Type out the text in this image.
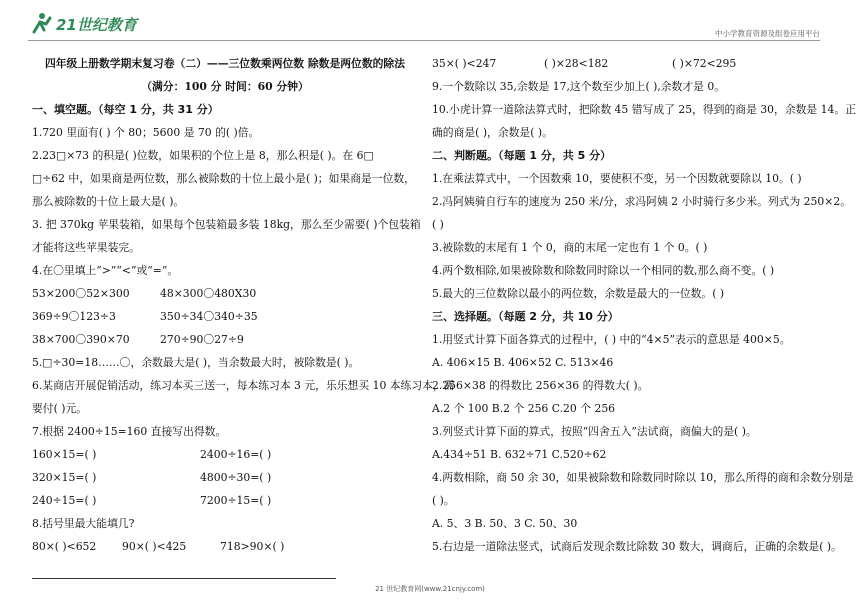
21世纪教育	中小学教育资源及组卷应用平台
四年级上册数学期末复习卷（二）——三位数乘两位数 除数是两位数的除法
（满分：100 分 时间：60 分钟）
一、填空题。（每空 1 分，共 31 分）
1.720 里面有( ) 个 80；5600 是 70 的( )倍。
2.23□×73 的积是( )位数，如果积的个位上是 8，那么积是( )。在 6□
□÷62 中，如果商是两位数，那么被除数的十位上最小是( )；如果商是一位数，
那么被除数的十位上最大是( )。
3. 把 370kg 苹果装箱，如果每个包装箱最多装 18kg，那么至少需要( )个包装箱
才能将这些苹果装完。
4.在〇里填上“>”“<”或“=”。
53×200〇52×300	48×300〇480X30
369÷9〇123÷3	350÷34〇340÷35
38×700〇390×70	270÷90〇27÷9
5.□÷30=18……〇，余数最大是( )，当余数最大时，被除数是( )。
6.某商店开展促销活动，练习本买三送一，每本练习本 3 元，乐乐想买 10 本练习本，需
要付( )元。
7.根据 2400÷15=160 直接写出得数。
160×15=( )	2400÷16=( )
320×15=( )	4800÷30=( )
240÷15=( )	7200÷15=( )
8.括号里最大能填几?
80×( )<652	90×( )<425	718>90×( )
35×( )<247	( )×28<182	( )×72<295
9.一个数除以 35,余数是 17,这个数至少加上( ),余数才是 0。
10.小虎计算一道除法算式时，把除数 45 错写成了 25，得到的商是 30，余数是 14。正
确的商是( )，余数是( )。
二、判断题。（每题 1 分，共 5 分）
1.在乘法算式中，一个因数乘 10，要使积不变，另一个因数就要除以 10。( )
2.冯阿姨骑自行车的速度为 250 米/分，求冯阿姨 2 小时骑行多少米。列式为 250×2。
( )
3.被除数的末尾有 1 个 0，商的末尾一定也有 1 个 0。( )
4.两个数相除,如果被除数和除数同时除以一个相同的数,那么商不变。( )
5.最大的三位数除以最小的两位数，余数是最大的一位数。( )
三、选择题。（每题 2 分，共 10 分）
1.用竖式计算下面各算式的过程中，( ) 中的“4×5”表示的意思是 400×5。
A. 406×15 B. 406×52 C. 513×46
2.256×38 的得数比 256×36 的得数大( )。
A.2 个 100 B.2 个 256 C.20 个 256
3.列竖式计算下面的算式，按照“四舍五入”法试商，商偏大的是( )。
A.434÷51 B. 632÷71 C.520÷62
4.两数相除，商 50 余 30，如果被除数和除数同时除以 10，那么所得的商和余数分别是
( )。
A. 5、3 B. 50、3 C. 50、30
5.右边是一道除法竖式，试商后发现余数比除数 30 数大，调商后，正确的余数是( )。
21 世纪教育网(www.21cnjy.com)
